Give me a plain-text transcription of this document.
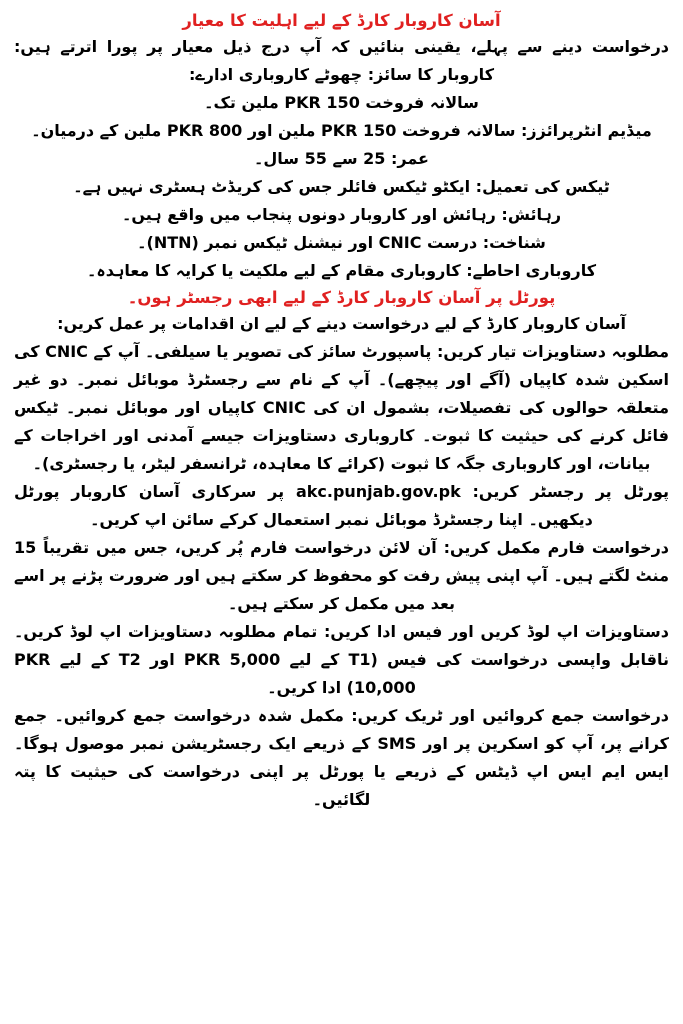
آسان کاروبار کارڈ کے لیے اہلیت کا معیار

درخواست دینے سے پہلے، یقینی بنائیں کہ آپ درج ذیل معیار پر پورا اترتے ہیں: کاروبار کا سائز: چھوٹے کاروباری ادارے:

سالانہ فروخت PKR 150 ملین تک۔

میڈیم انٹرپرائزز: سالانہ فروخت PKR 150 ملین اور PKR 800 ملین کے درمیان۔

عمر: 25 سے 55 سال۔

ٹیکس کی تعمیل: ایکٹو ٹیکس فائلر جس کی کریڈٹ ہسٹری نہیں ہے۔

رہائش: رہائش اور کاروبار دونوں پنجاب میں واقع ہیں۔

شناخت: درست CNIC اور نیشنل ٹیکس نمبر (NTN)۔

کاروباری احاطے: کاروباری مقام کے لیے ملکیت یا کرایہ کا معاہدہ۔

پورٹل پر آسان کاروبار کارڈ کے لیے ابھی رجسٹر ہوں۔

آسان کاروبار کارڈ کے لیے درخواست دینے کے لیے ان اقدامات پر عمل کریں:

مطلوبہ دستاویزات تیار کریں: پاسپورٹ سائز کی تصویر یا سیلفی۔ آپ کے CNIC کی اسکین شدہ کاپیاں (آگے اور پیچھے)۔ آپ کے نام سے رجسٹرڈ موبائل نمبر۔ دو غیر متعلقہ حوالوں کی تفصیلات، بشمول ان کی CNIC کاپیاں اور موبائل نمبر۔ ٹیکس فائل کرنے کی حیثیت کا ثبوت۔ کاروباری دستاویزات جیسے آمدنی اور اخراجات کے بیانات، اور کاروباری جگہ کا ثبوت (کرائے کا معاہدہ، ٹرانسفر لیٹر، یا رجسٹری)۔

پورٹل پر رجسٹر کریں: akc.punjab.gov.pk پر سرکاری آسان کاروبار پورٹل دیکھیں۔ اپنا رجسٹرڈ موبائل نمبر استعمال کرکے سائن اپ کریں۔

درخواست فارم مکمل کریں: آن لائن درخواست فارم پُر کریں، جس میں تقریباً 15 منٹ لگتے ہیں۔ آپ اپنی پیش رفت کو محفوظ کر سکتے ہیں اور ضرورت پڑنے پر اسے بعد میں مکمل کر سکتے ہیں۔

دستاویزات اپ لوڈ کریں اور فیس ادا کریں: تمام مطلوبہ دستاویزات اپ لوڈ کریں۔ ناقابل واپسی درخواست کی فیس (T1 کے لیے PKR 5,000 اور T2 کے لیے PKR 10,000) ادا کریں۔

درخواست جمع کروائیں اور ٹریک کریں: مکمل شدہ درخواست جمع کروائیں۔ جمع کرانے پر، آپ کو اسکرین پر اور SMS کے ذریعے ایک رجسٹریشن نمبر موصول ہوگا۔ ایس ایم ایس اپ ڈیٹس کے ذریعے یا پورٹل پر اپنی درخواست کی حیثیت کا پتہ لگائیں۔
